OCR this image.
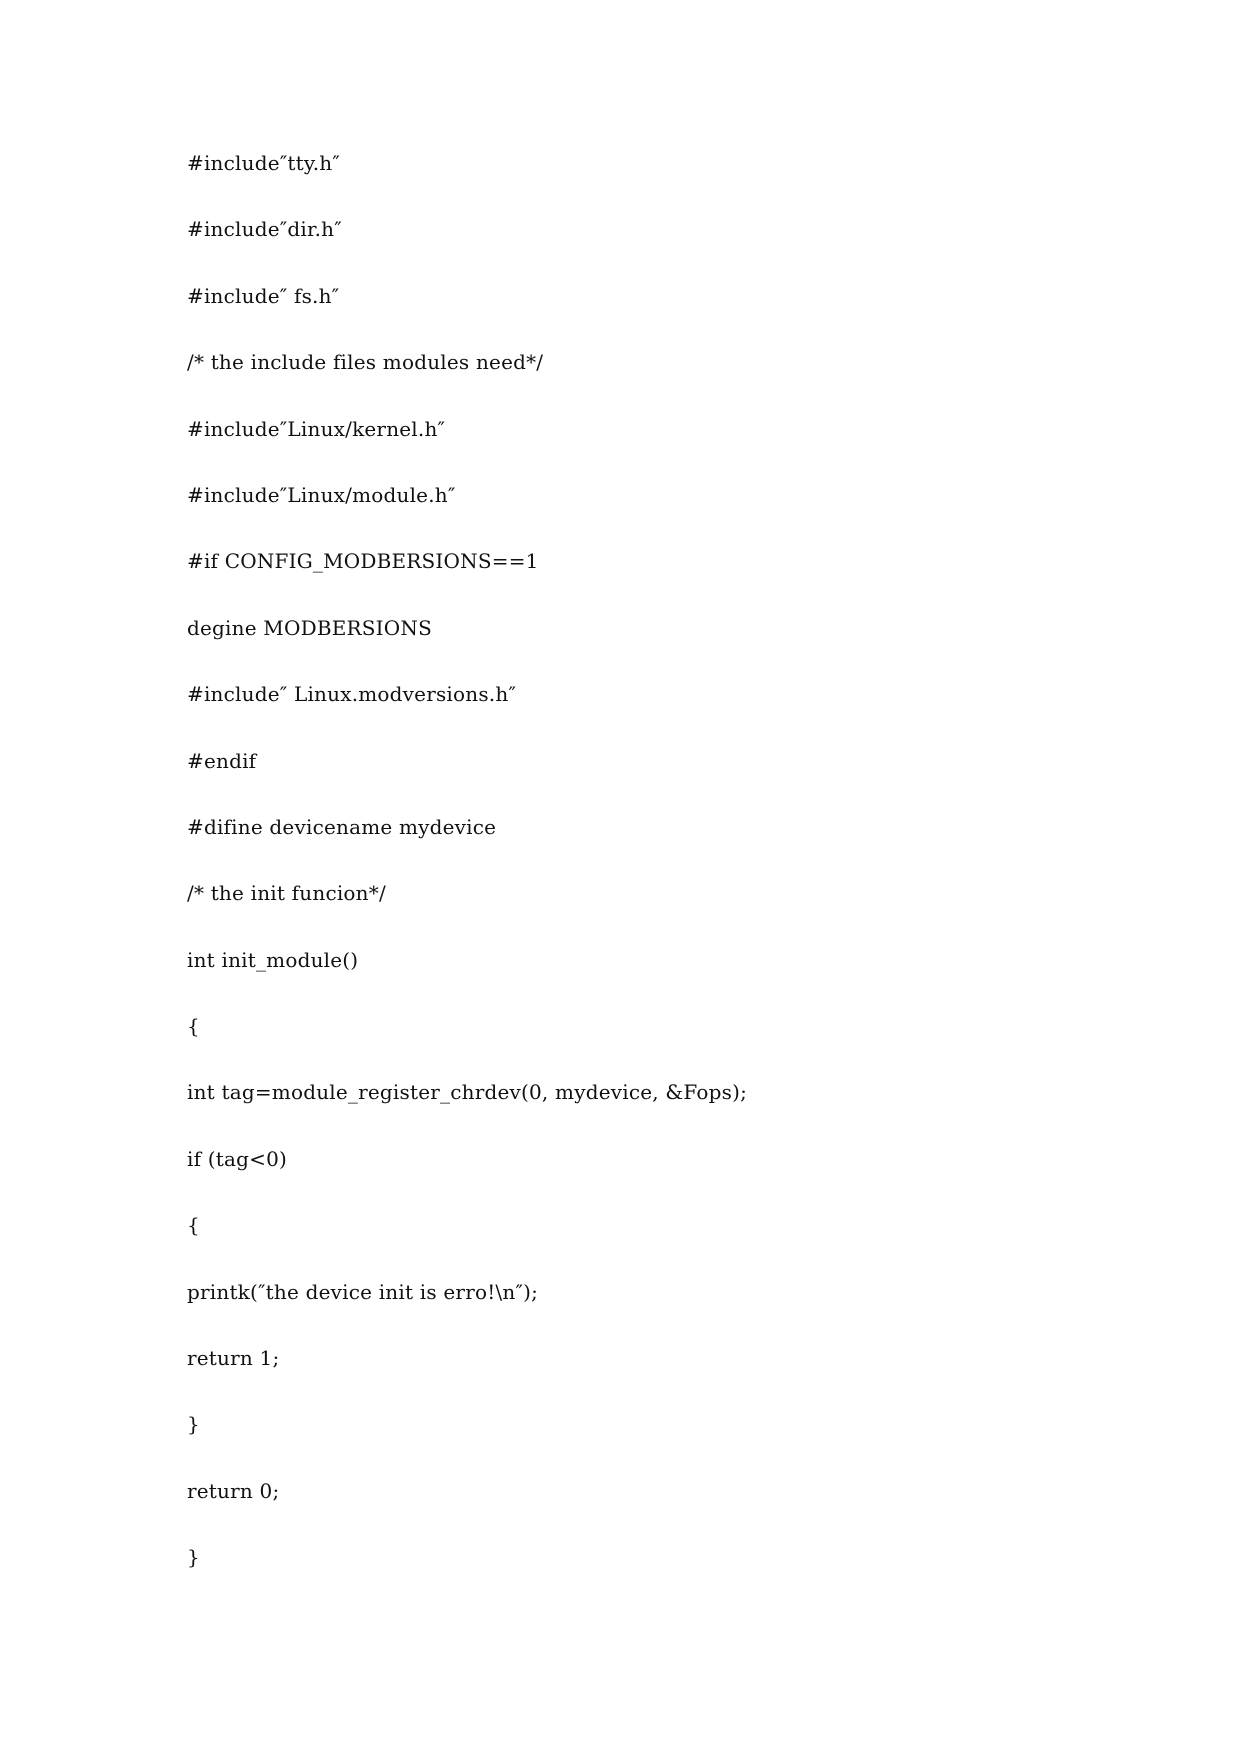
#include″tty.h″
#include″dir.h″
#include″ fs.h″
/* the include files modules need*/
#include″Linux/kernel.h″
#include″Linux/module.h″
#if CONFIG_MODBERSIONS==1
degine MODBERSIONS
#include″ Linux.modversions.h″
#endif
#difine devicename mydevice
/* the init funcion*/
int init_module()
{
int tag=module_register_chrdev(0, mydevice, &Fops);
if (tag<0)
{
printk(″the device init is erro!\n″);
return 1;
}
return 0;
}
